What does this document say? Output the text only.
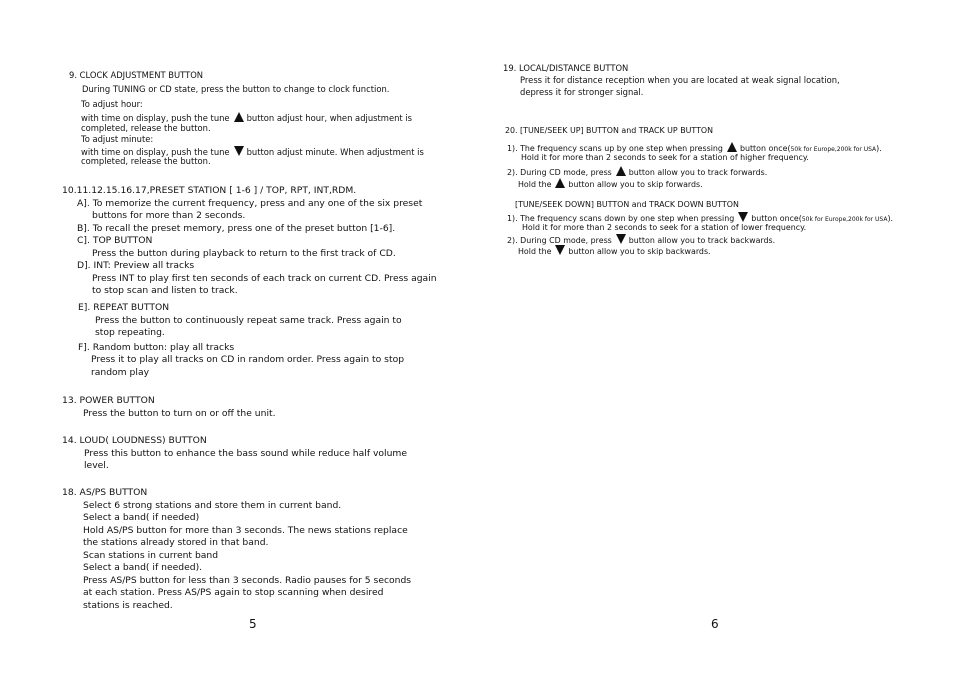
9. CLOCK ADJUSTMENT BUTTON
During TUNING or CD state, press the button to change to clock function.
To adjust hour:
with time on display, push the tune button adjust hour, when adjustment is
completed, release the button.
To adjust minute:
with time on display, push the tune button adjust minute. When adjustment is
completed, release the button.
10.11.12.15.16.17,PRESET STATION [ 1-6 ] / TOP, RPT, INT,RDM.
A]. To memorize the current frequency, press and any one of the six preset
buttons for more than 2 seconds.
B]. To recall the preset memory, press one of the preset button [1-6].
C]. TOP BUTTON
Press the button during playback to return to the first track of CD.
D]. INT: Preview all tracks
Press INT to play first ten seconds of each track on current CD. Press again
to stop scan and listen to track.
E]. REPEAT BUTTON
Press the button to continuously repeat same track. Press again to
stop repeating.
F]. Random button: play all tracks
Press it to play all tracks on CD in random order. Press again to stop
random play
13. POWER BUTTON
Press the button to turn on or off the unit.
14. LOUD( LOUDNESS) BUTTON
Press this button to enhance the bass sound while reduce half volume
level.
18. AS/PS BUTTON
Select 6 strong stations and store them in current band.
Select a band( if needed)
Hold AS/PS button for more than 3 seconds. The news stations replace
the stations already stored in that band.
Scan stations in current band
Select a band( if needed).
Press AS/PS button for less than 3 seconds. Radio pauses for 5 seconds
at each station. Press AS/PS again to stop scanning when desired
stations is reached.
5
19. LOCAL/DISTANCE BUTTON
Press it for distance reception when you are located at weak signal location,
depress it for stronger signal.
20. [TUNE/SEEK UP] BUTTON and TRACK UP BUTTON
1). The frequency scans up by one step when pressing button once(50k for Europe,200k for USA).
Hold it for more than 2 seconds to seek for a station of higher frequency.
2). During CD mode, press button allow you to track forwards.
Hold the button allow you to skip forwards.
[TUNE/SEEK DOWN] BUTTON and TRACK DOWN BUTTON
1). The frequency scans down by one step when pressing button once(50k for Europe,200k for USA).
Hold it for more than 2 seconds to seek for a station of lower frequency.
2). During CD mode, press button allow you to track backwards.
Hold the button allow you to skip backwards.
6
